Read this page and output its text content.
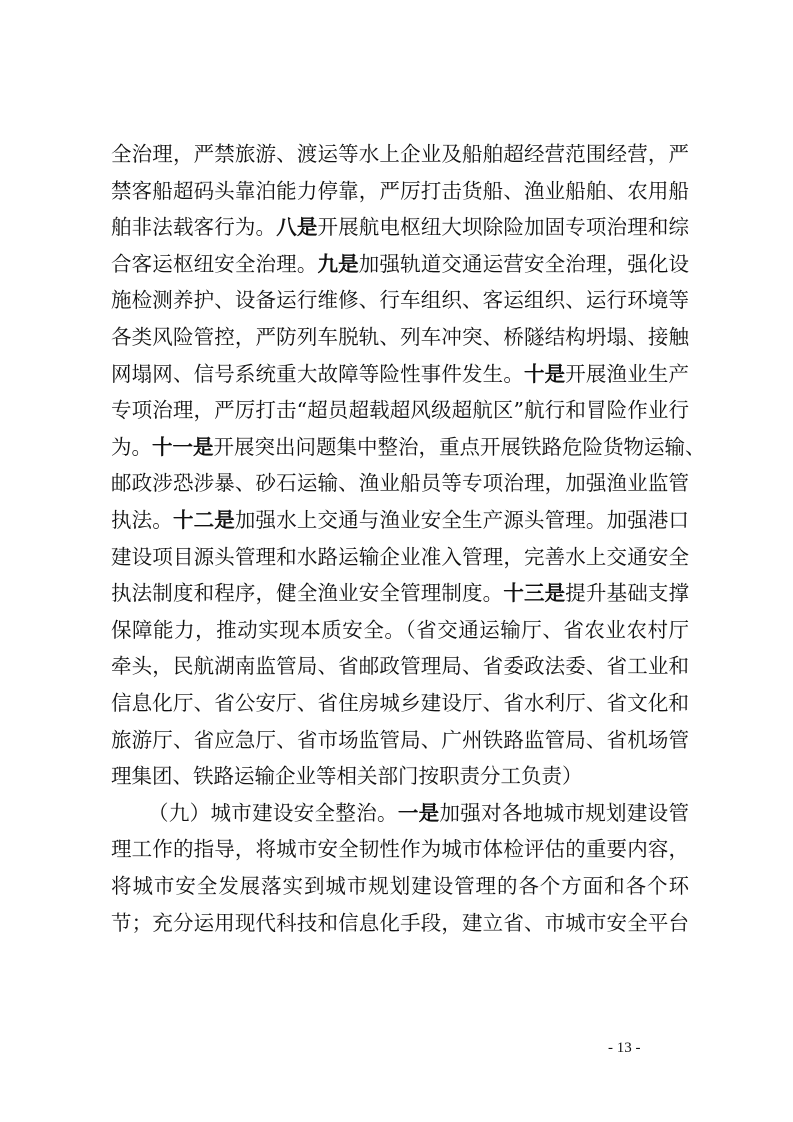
全治理，严禁旅游、渡运等水上企业及船舶超经营范围经营，严
禁客船超码头靠泊能力停靠，严厉打击货船、渔业船舶、农用船
舶非法载客行为。八是开展航电枢纽大坝除险加固专项治理和综
合客运枢纽安全治理。九是加强轨道交通运营安全治理，强化设
施检测养护、设备运行维修、行车组织、客运组织、运行环境等
各类风险管控，严防列车脱轨、列车冲突、桥隧结构坍塌、接触
网塌网、信号系统重大故障等险性事件发生。十是开展渔业生产
专项治理，严厉打击“超员超载超风级超航区”航行和冒险作业行
为。十一是开展突出问题集中整治，重点开展铁路危险货物运输、
邮政涉恐涉暴、砂石运输、渔业船员等专项治理，加强渔业监管
执法。十二是加强水上交通与渔业安全生产源头管理。加强港口
建设项目源头管理和水路运输企业准入管理，完善水上交通安全
执法制度和程序，健全渔业安全管理制度。十三是提升基础支撑
保障能力，推动实现本质安全。（省交通运输厅、省农业农村厅
牵头，民航湖南监管局、省邮政管理局、省委政法委、省工业和
信息化厅、省公安厅、省住房城乡建设厅、省水利厅、省文化和
旅游厅、省应急厅、省市场监管局、广州铁路监管局、省机场管
理集团、铁路运输企业等相关部门按职责分工负责）
（九）城市建设安全整治。一是加强对各地城市规划建设管
理工作的指导，将城市安全韧性作为城市体检评估的重要内容，
将城市安全发展落实到城市规划建设管理的各个方面和各个环
节；充分运用现代科技和信息化手段，建立省、市城市安全平台
- 13 -
